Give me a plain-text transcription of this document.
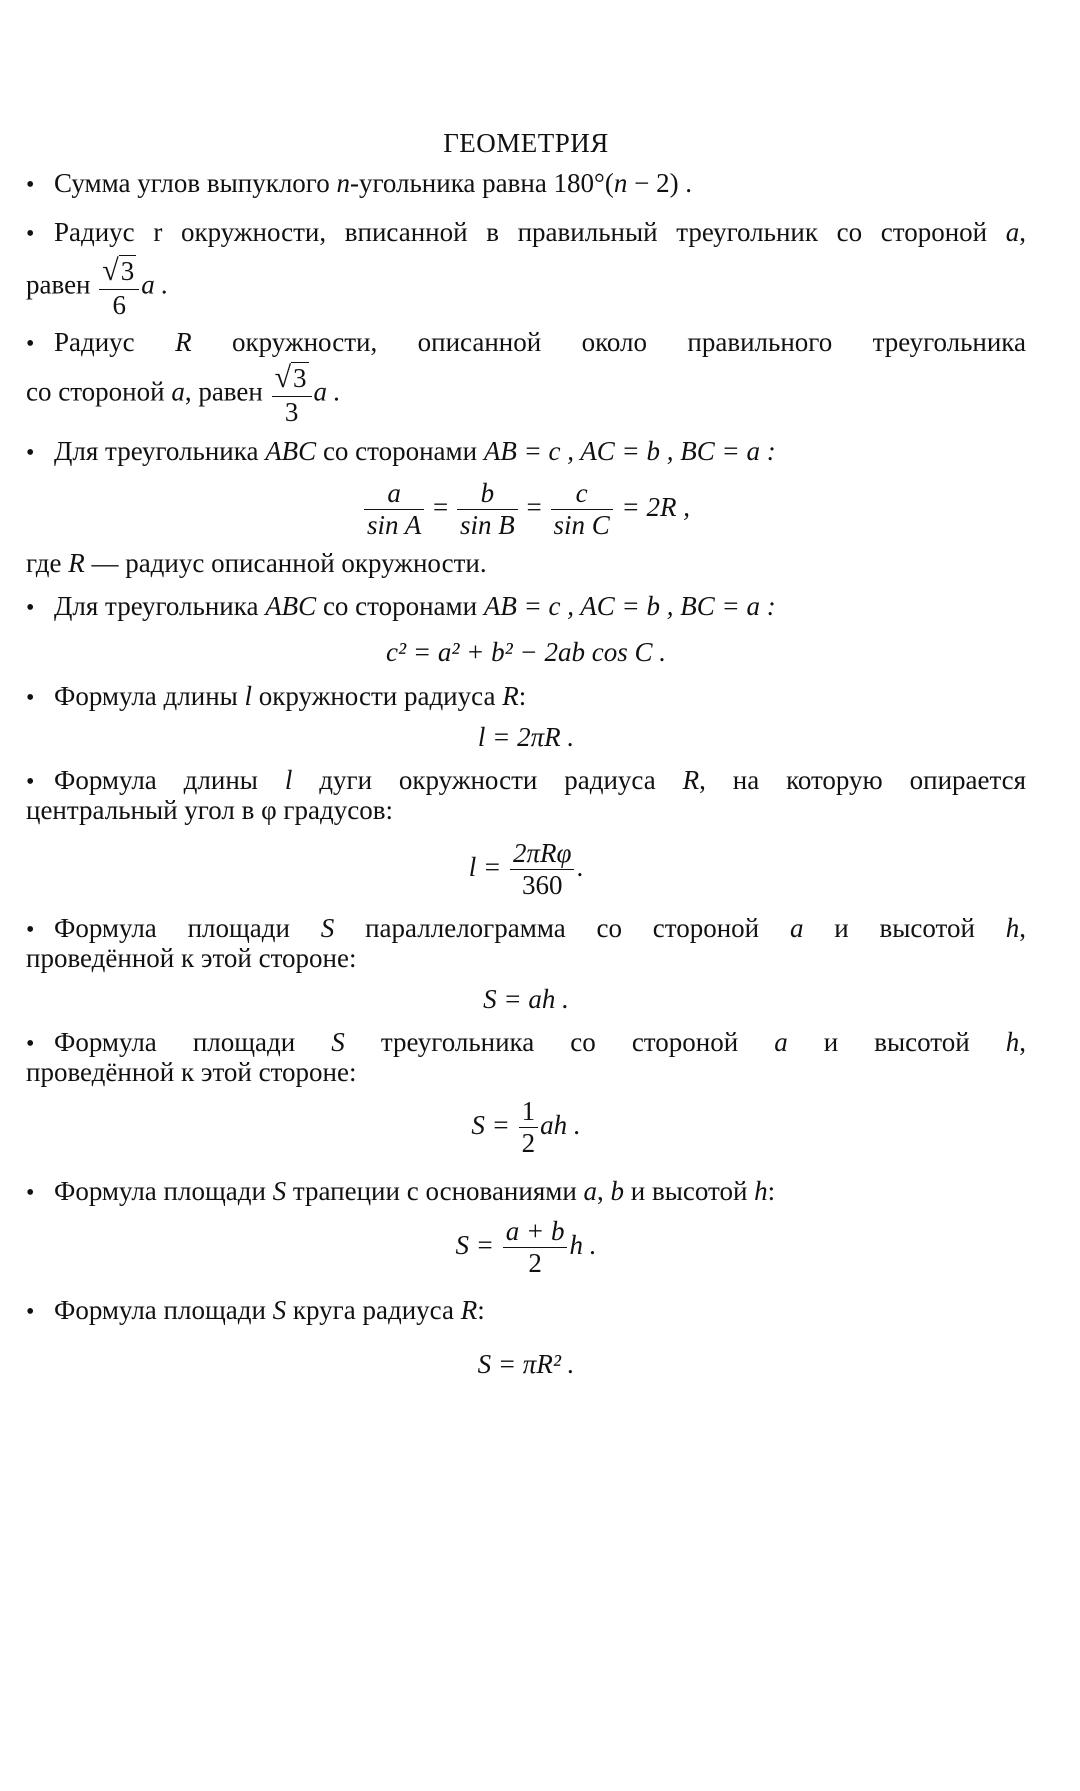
ГЕОМЕТРИЯ
• Сумма углов выпуклого n-угольника равна 180°(n − 2) .
• Радиус r окружности, вписанной в правильный треугольник со стороной a,
равен $\frac{√3}{6}$ a .
• Радиус R окружности, описанной около правильного треугольника
со стороной a, равен $\frac{√3}{3}$ a .
• Для треугольника ABC со сторонами AB = c , AC = b , BC = a :
$\frac{a}{\text{sin A}} = \frac{b}{\text{sin B}} = \frac{c}{\text{sin C}} = 2R$ ,
где R — радиус описанной окружности.
• Для треугольника ABC со сторонами AB = c , AC = b , BC = a :
c² = a² + b² − 2ab cos C .
• Формула длины l окружности радиуса R:
l = 2πR .
• Формула длины l дуги окружности радиуса R, на которую опирается
центральный угол в φ градусов:
$l = \frac{\text{2πRφ}}{360}$ .
• Формула площади S параллелограмма со стороной a и высотой h,
проведённой к этой стороне:
S = ah .
• Формула площади S треугольника со стороной a и высотой h,
проведённой к этой стороне:
$S = \frac{1}{2}$ ah .
• Формула площади S трапеции с основаниями a, b и высотой h:
$S = \frac{a + b}{2}$ h .
• Формула площади S круга радиуса R:
S = πR² .
